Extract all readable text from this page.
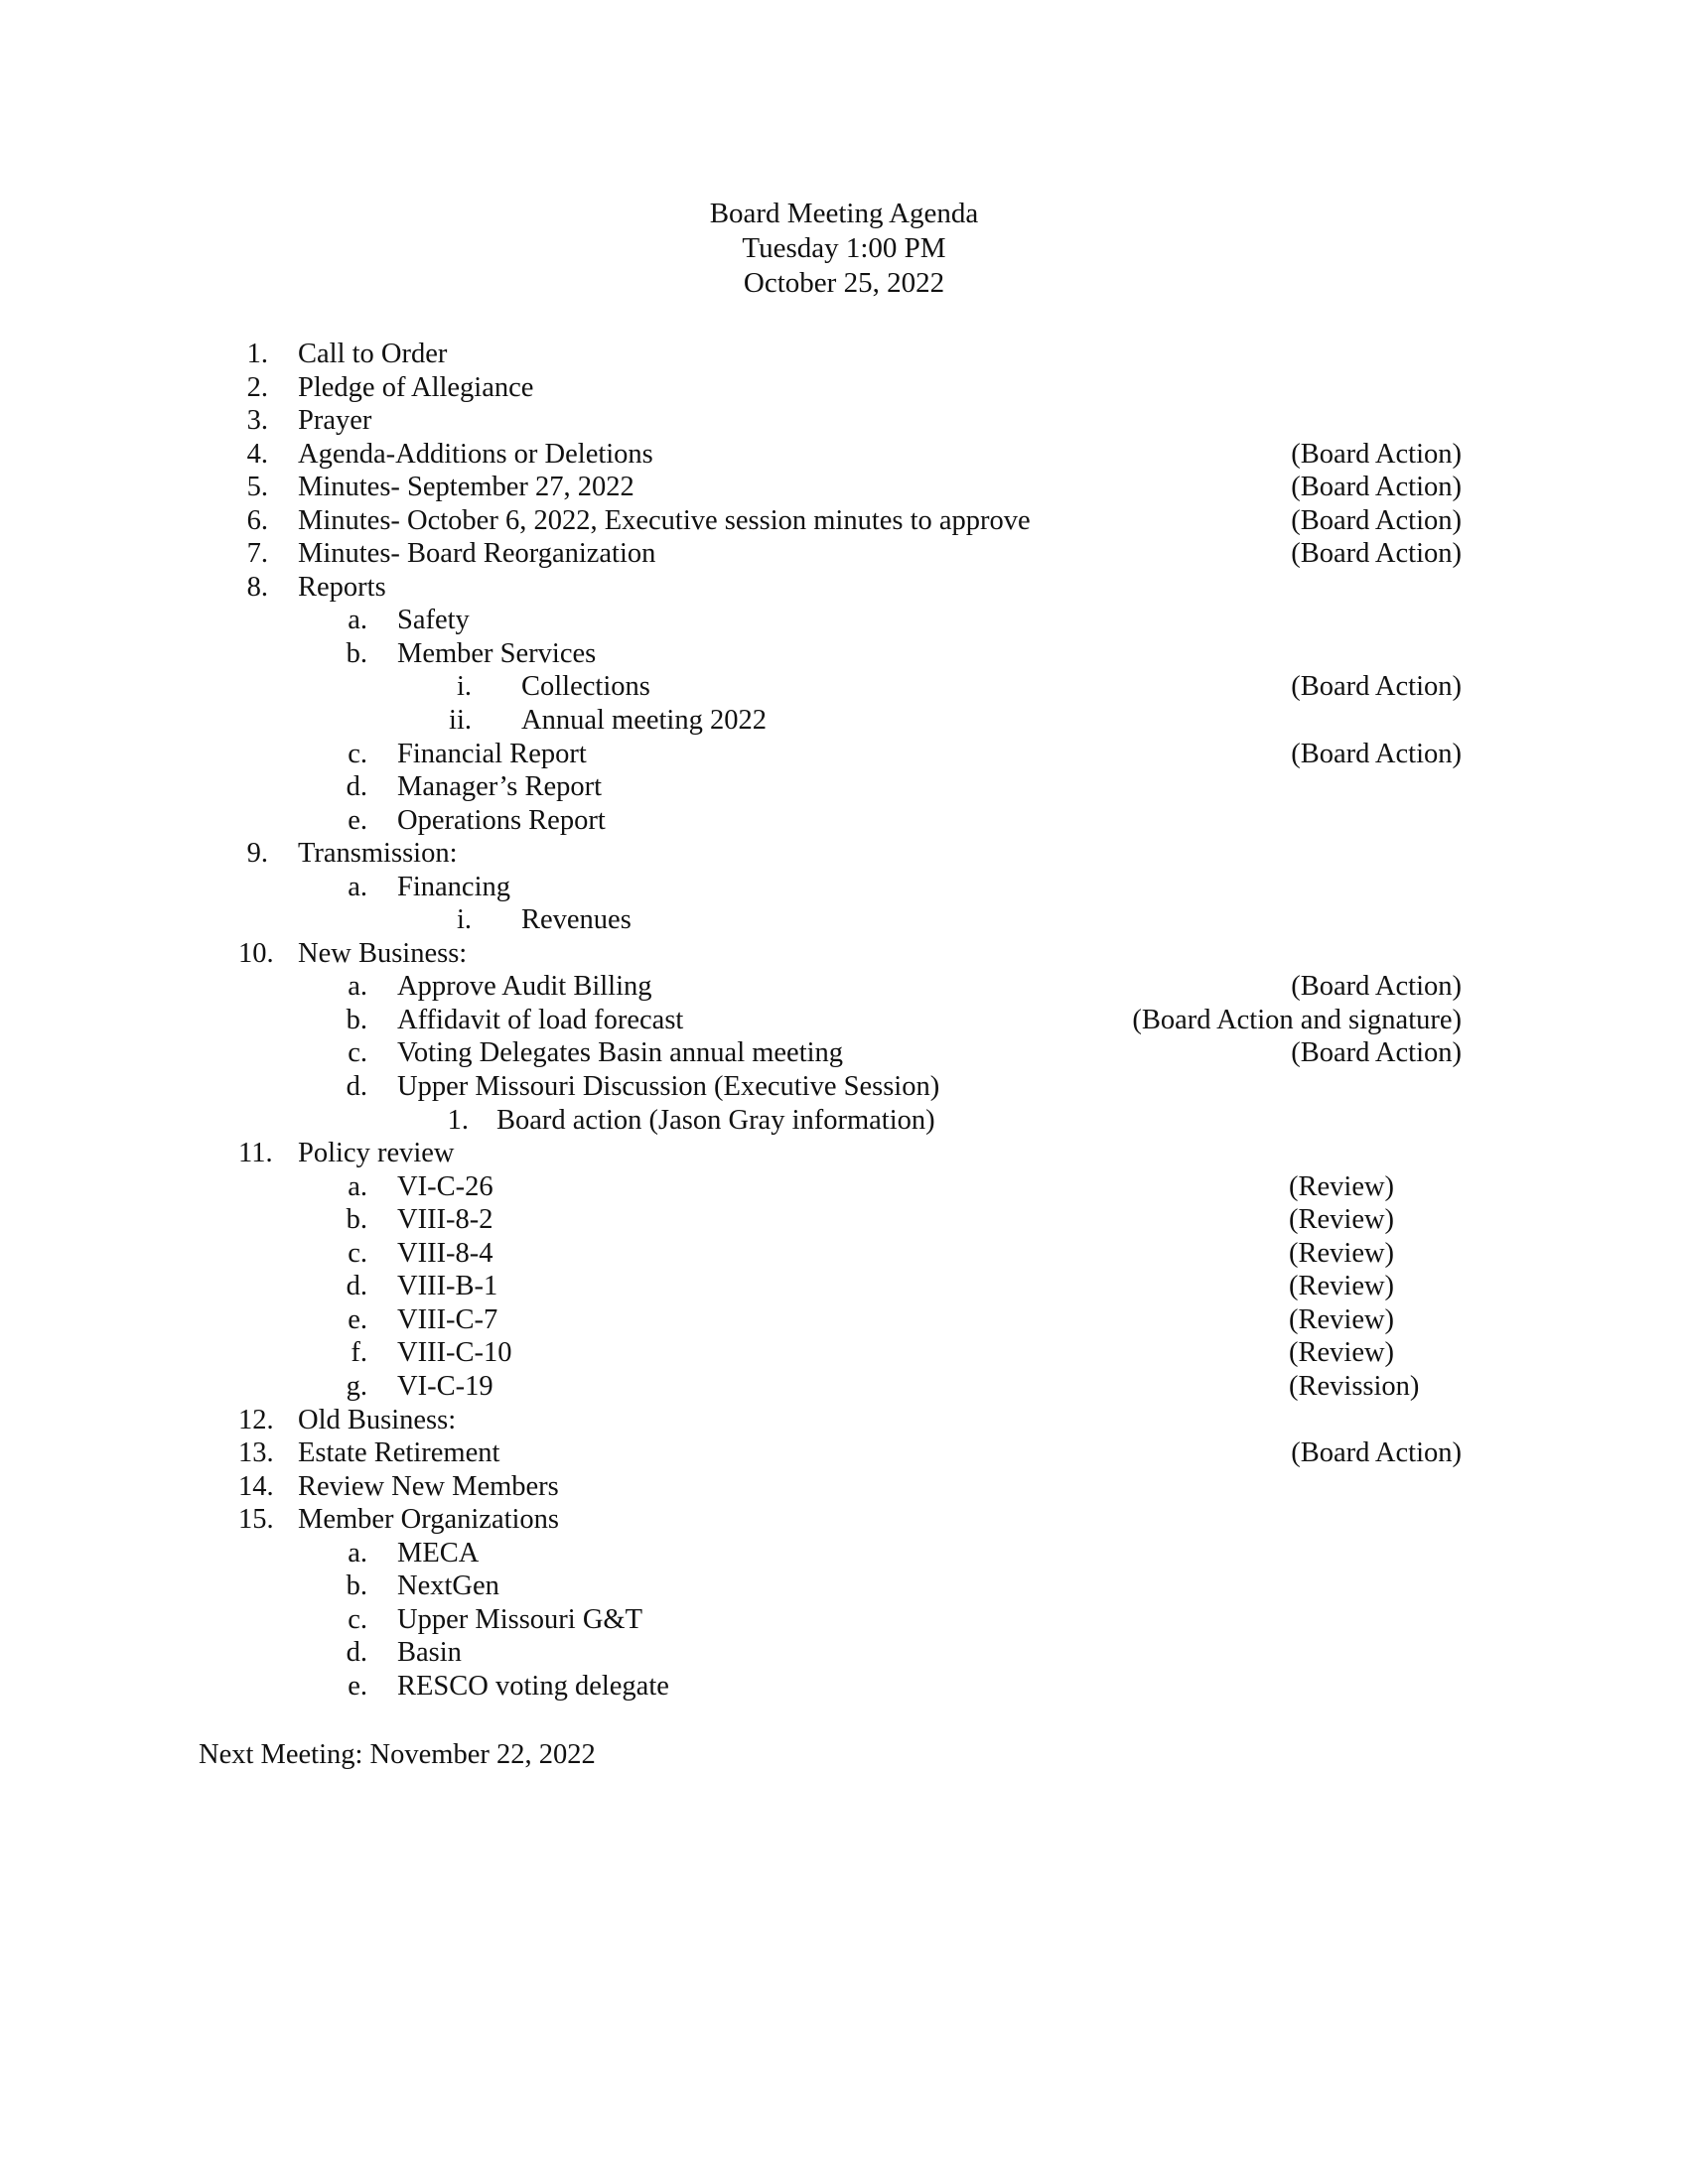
Board Meeting Agenda
Tuesday 1:00 PM
October 25, 2022
1. Call to Order
2. Pledge of Allegiance
3. Prayer
4. Agenda-Additions or Deletions	(Board Action)
5. Minutes- September 27, 2022	(Board Action)
6. Minutes- October 6, 2022, Executive session minutes to approve	(Board Action)
7. Minutes- Board Reorganization	(Board Action)
8. Reports
a. Safety
b. Member Services
i. Collections	(Board Action)
ii. Annual meeting 2022
c. Financial Report	(Board Action)
d. Manager’s Report
e. Operations Report
9. Transmission:
a. Financing
i. Revenues
10. New Business:
a. Approve Audit Billing	(Board Action)
b. Affidavit of load forecast	(Board Action and signature)
c. Voting Delegates Basin annual meeting	(Board Action)
d. Upper Missouri Discussion (Executive Session)
1. Board action (Jason Gray information)
11. Policy review
a. VI-C-26	(Review)
b. VIII-8-2	(Review)
c. VIII-8-4	(Review)
d. VIII-B-1	(Review)
e. VIII-C-7	(Review)
f. VIII-C-10	(Review)
g. VI-C-19	(Revission)
12. Old Business:
13. Estate Retirement	(Board Action)
14. Review New Members
15. Member Organizations
a. MECA
b. NextGen
c. Upper Missouri G&T
d. Basin
e. RESCO voting delegate
Next Meeting: November 22, 2022
